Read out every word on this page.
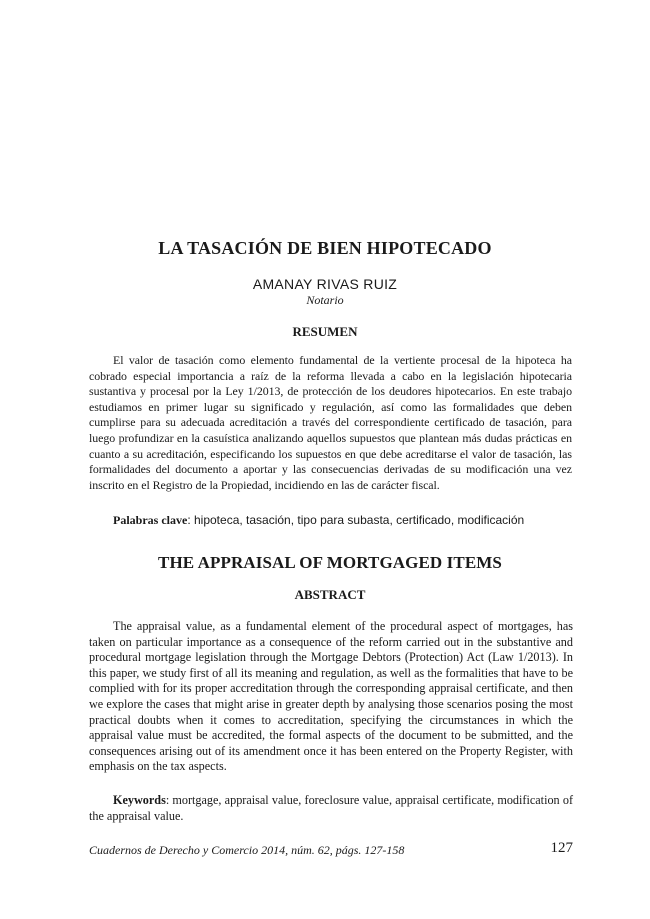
LA TASACIÓN DE BIEN HIPOTECADO
AMANAY RIVAS RUIZ
Notario
RESUMEN
El valor de tasación como elemento fundamental de la vertiente procesal de la hipoteca ha cobrado especial importancia a raíz de la reforma llevada a cabo en la legislación hipotecaria sustantiva y procesal por la Ley 1/2013, de protección de los deudores hipotecarios. En este trabajo estudiamos en primer lugar su significado y regulación, así como las formalidades que deben cumplirse para su adecuada acreditación a través del correspondiente certificado de tasación, para luego profundizar en la casuística analizando aquellos supuestos que plantean más dudas prácticas en cuanto a su acreditación, especificando los supuestos en que debe acreditarse el valor de tasación, las formalidades del documento a aportar y las consecuencias derivadas de su modificación una vez inscrito en el Registro de la Propiedad, incidiendo en las de carácter fiscal.
Palabras clave: hipoteca, tasación, tipo para subasta, certificado, modificación
THE APPRAISAL OF MORTGAGED ITEMS
ABSTRACT
The appraisal value, as a fundamental element of the procedural aspect of mortgages, has taken on particular importance as a consequence of the reform carried out in the substantive and procedural mortgage legislation through the Mortgage Debtors (Protection) Act (Law 1/2013). In this paper, we study first of all its meaning and regulation, as well as the formalities that have to be complied with for its proper accreditation through the corresponding appraisal certificate, and then we explore the cases that might arise in greater depth by analysing those scenarios posing the most practical doubts when it comes to accreditation, specifying the circumstances in which the appraisal value must be accredited, the formal aspects of the document to be submitted, and the consequences arising out of its amendment once it has been entered on the Property Register, with emphasis on the tax aspects.
Keywords: mortgage, appraisal value, foreclosure value, appraisal certificate, modification of the appraisal value.
Cuadernos de Derecho y Comercio 2014, núm. 62, págs. 127-158	127
